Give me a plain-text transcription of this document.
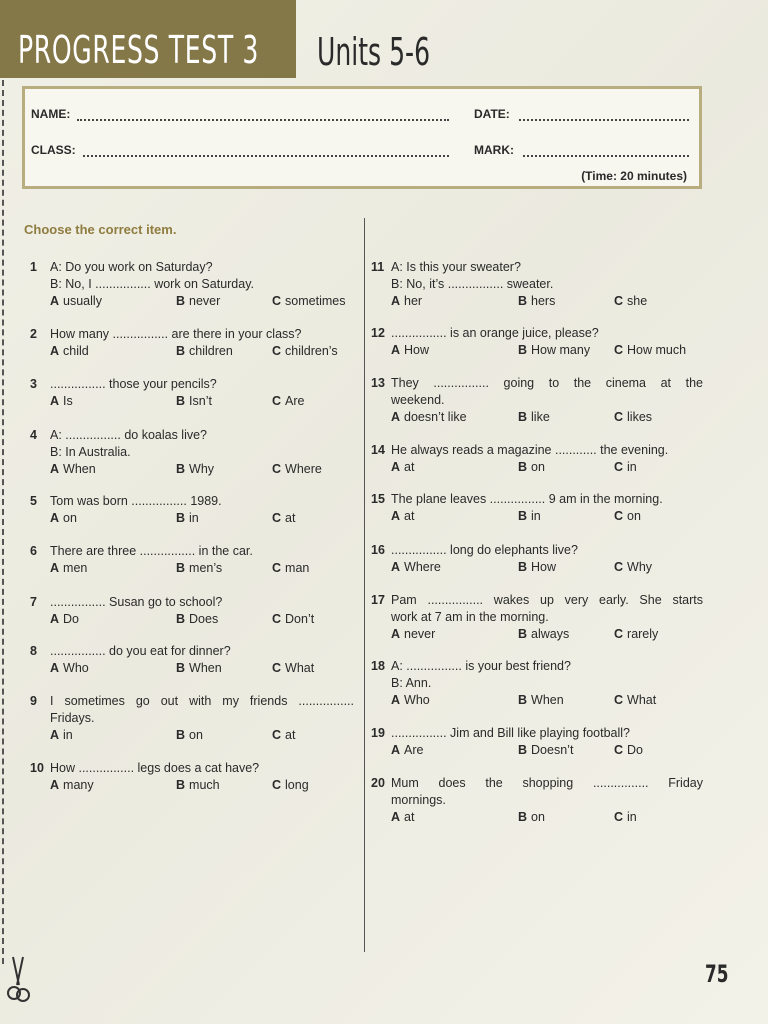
PROGRESS TEST 3 Units 5-6
NAME:	DATE:
CLASS:	MARK:
(Time: 20 minutes)
Choose the correct item.
1	A: Do you work on Saturday?
B: No, I ................ work on Saturday.
A usually	B never	C sometimes
2	How many ................ are there in your class?
A child	B children	C children’s
3	................ those your pencils?
A Is	B Isn’t	C Are
4	A: ................ do koalas live?
B: In Australia.
A When	B Why	C Where
5	Tom was born ................ 1989.
A on	B in	C at
6	There are three ................ in the car.
A men	B men’s	C man
7	................ Susan go to school?
A Do	B Does	C Don’t
8	................ do you eat for dinner?
A Who	B When	C What
9	I sometimes go out with my friends ................
Fridays.
A in	B on	C at
10 How ................ legs does a cat have?
A many	B much	C long
11 A: Is this your sweater?
B: No, it’s ................ sweater.
A her	B hers	C she
12 ................ is an orange juice, please?
A How	B How many C How much
13 They ................ going to the cinema at the
weekend.
A doesn’t like	B like	C likes
14 He always reads a magazine ............ the evening.
A at	B on	C in
15 The plane leaves ................ 9 am in the morning.
A at	B in	C on
16 ................ long do elephants live?
A Where	B How	C Why
17 Pam ................ wakes up very early. She starts
work at 7 am in the morning.
A never	B always	C rarely
18 A: ................ is your best friend?
B: Ann.
A Who	B When	C What
19 ................ Jim and Bill like playing football?
A Are	B Doesn’t	C Do
20 Mum does the shopping ................ Friday
mornings.
A at	B on	C in
75
